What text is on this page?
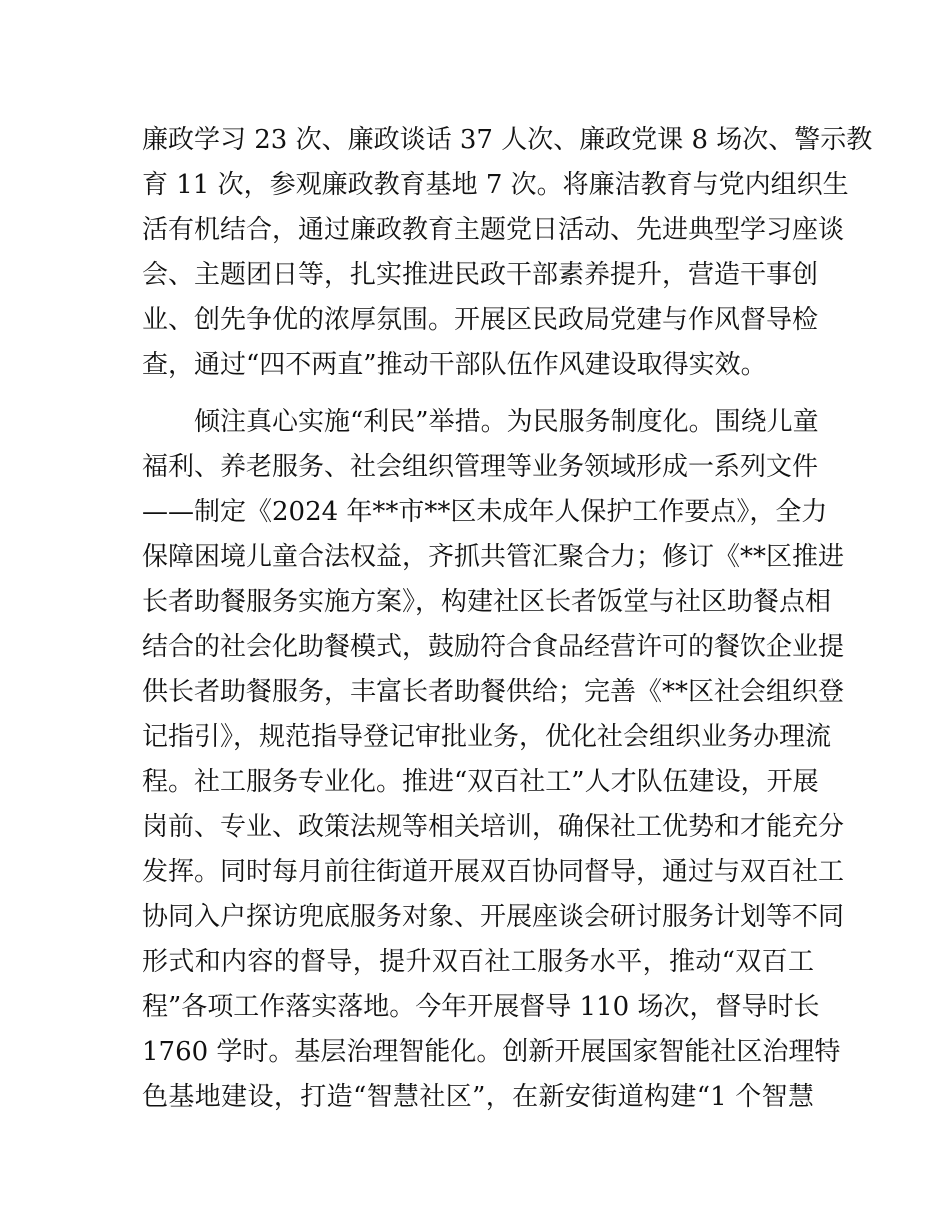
廉政学习 23 次、廉政谈话 37 人次、廉政党课 8 场次、警示教
育 11 次，参观廉政教育基地 7 次。将廉洁教育与党内组织生
活有机结合，通过廉政教育主题党日活动、先进典型学习座谈
会、主题团日等，扎实推进民政干部素养提升，营造干事创
业、创先争优的浓厚氛围。开展区民政局党建与作风督导检
查，通过“四不两直”推动干部队伍作风建设取得实效。
倾注真心实施“利民”举措。为民服务制度化。围绕儿童
福利、养老服务、社会组织管理等业务领域形成一系列文件
——制定《2024 年**市**区未成年人保护工作要点》，全力
保障困境儿童合法权益，齐抓共管汇聚合力；修订《**区推进
长者助餐服务实施方案》，构建社区长者饭堂与社区助餐点相
结合的社会化助餐模式，鼓励符合食品经营许可的餐饮企业提
供长者助餐服务，丰富长者助餐供给；完善《**区社会组织登
记指引》，规范指导登记审批业务，优化社会组织业务办理流
程。社工服务专业化。推进“双百社工”人才队伍建设，开展
岗前、专业、政策法规等相关培训，确保社工优势和才能充分
发挥。同时每月前往街道开展双百协同督导，通过与双百社工
协同入户探访兜底服务对象、开展座谈会研讨服务计划等不同
形式和内容的督导，提升双百社工服务水平，推动“双百工
程”各项工作落实落地。今年开展督导 110 场次，督导时长
1760 学时。基层治理智能化。创新开展国家智能社区治理特
色基地建设，打造“智慧社区”，在新安街道构建“1 个智慧
